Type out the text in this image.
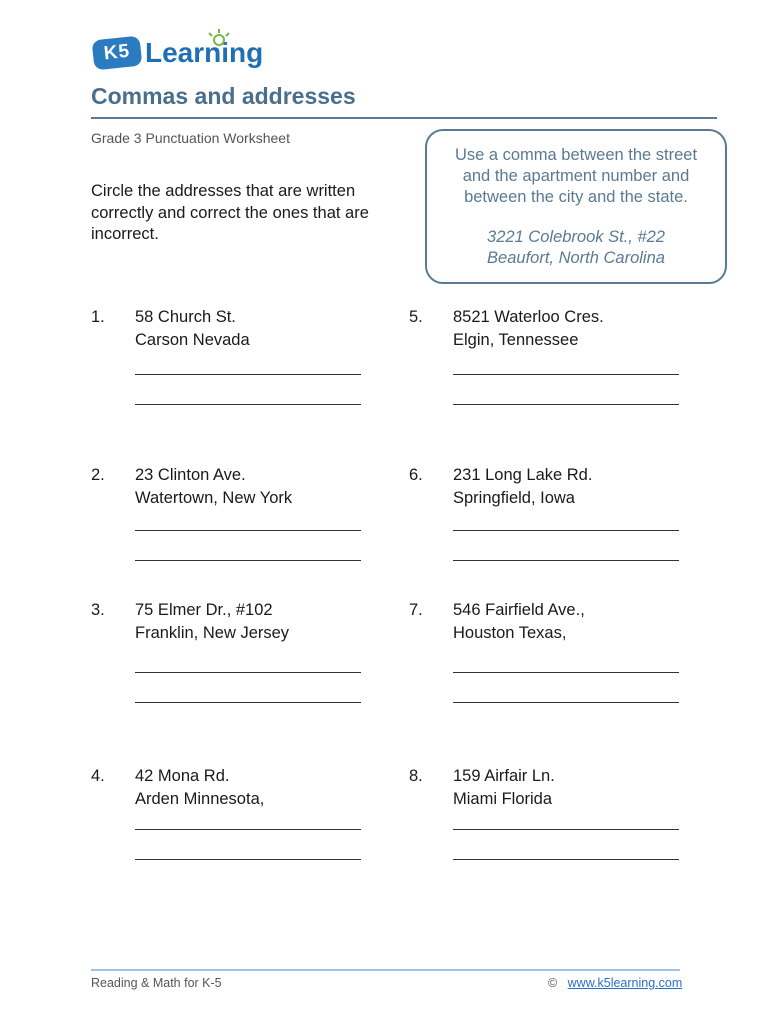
K5 Learning
Commas and addresses
Grade 3 Punctuation Worksheet
Circle the addresses that are written correctly and correct the ones that are incorrect.
Use a comma between the street and the apartment number and between the city and the state.
3221 Colebrook St., #22
Beaufort, North Carolina
1. 58 Church St.
Carson Nevada
2. 23 Clinton Ave.
Watertown, New York
3. 75 Elmer Dr., #102
Franklin, New Jersey
4. 42 Mona Rd.
Arden Minnesota,
5. 8521 Waterloo Cres.
Elgin, Tennessee
6. 231 Long Lake Rd.
Springfield, Iowa
7. 546 Fairfield Ave.,
Houston Texas,
8. 159 Airfair Ln.
Miami Florida
Reading & Math for K-5	© www.k5learning.com
